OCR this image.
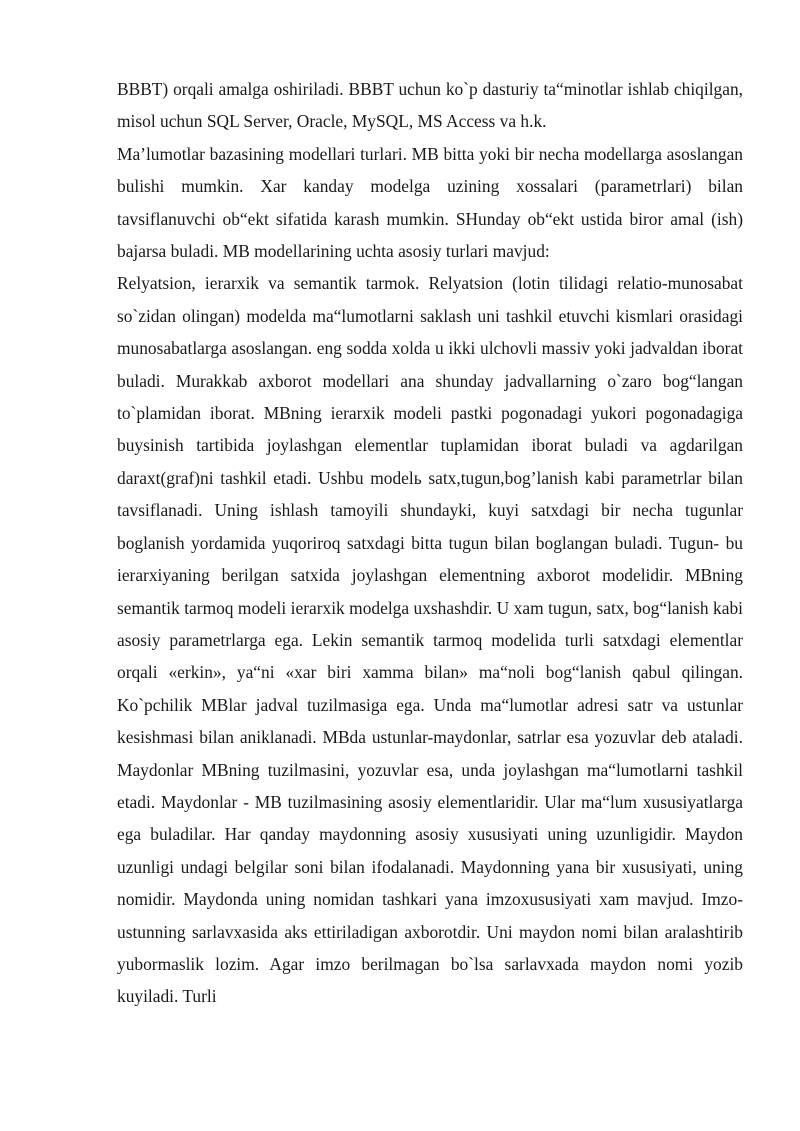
BBBT) orqali amalga oshiriladi. BBBT uchun ko`p dasturiy ta“minotlar ishlab chiqilgan, misol uchun SQL Server, Oracle, MySQL, MS Access va h.k.

Ma’lumotlar bazasining modellari turlari. MB bitta yoki bir necha modellarga asoslangan bulishi mumkin. Xar kanday modelga uzining xossalari (parametrlari) bilan tavsiflanuvchi ob“ekt sifatida karash mumkin. SHunday ob“ekt ustida biror amal (ish) bajarsa buladi. MB modellarining uchta asosiy turlari mavjud:

Relyatsion, ierarxik va semantik tarmok. Relyatsion (lotin tilidagi relatio-munosabat so`zidan olingan) modelda ma“lumotlarni saklash uni tashkil etuvchi kismlari orasidagi munosabatlarga asoslangan. eng sodda xolda u ikki ulchovli massiv yoki jadvaldan iborat buladi. Murakkab axborot modellari ana shunday jadvallarning o`zaro bog“langan to`plamidan iborat. MBning ierarxik modeli pastki pogonadagi yukori pogonadagiga buysinish tartibida joylashgan elementlar tuplamidan iborat buladi va agdarilgan daraxt(graf)ni tashkil etadi. Ushbu modelь satx,tugun,bog’lanish kabi parametrlar bilan tavsiflanadi. Uning ishlash tamoyili shundayki, kuyi satxdagi bir necha tugunlar boglanish yordamida yuqoriroq satxdagi bitta tugun bilan boglangan buladi. Tugun- bu ierarxiyaning berilgan satxida joylashgan elementning axborot modelidir. MBning semantik tarmoq modeli ierarxik modelga uxshashdir. U xam tugun, satx, bog“lanish kabi asosiy parametrlarga ega. Lekin semantik tarmoq modelida turli satxdagi elementlar orqali «erkin», ya“ni «xar biri xamma bilan» ma“noli bog“lanish qabul qilingan. Ko`pchilik MBlar jadval tuzilmasiga ega. Unda ma“lumotlar adresi satr va ustunlar kesishmasi bilan aniklanadi. MBda ustunlar-maydonlar, satrlar esa yozuvlar deb ataladi. Maydonlar MBning tuzilmasini, yozuvlar esa, unda joylashgan ma“lumotlarni tashkil etadi. Maydonlar - MB tuzilmasining asosiy elementlaridir. Ular ma“lum xususiyatlarga ega buladilar. Har qanday maydonning asosiy xususiyati uning uzunligidir. Maydon uzunligi undagi belgilar soni bilan ifodalanadi. Maydonning yana bir xususiyati, uning nomidir. Maydonda uning nomidan tashkari yana imzoxususiyati xam mavjud. Imzo-ustunning sarlavxasida aks ettiriladigan axborotdir. Uni maydon nomi bilan aralashtirib yubormaslik lozim. Agar imzo berilmagan bo`lsa sarlavxada maydon nomi yozib kuyiladi. Turli
